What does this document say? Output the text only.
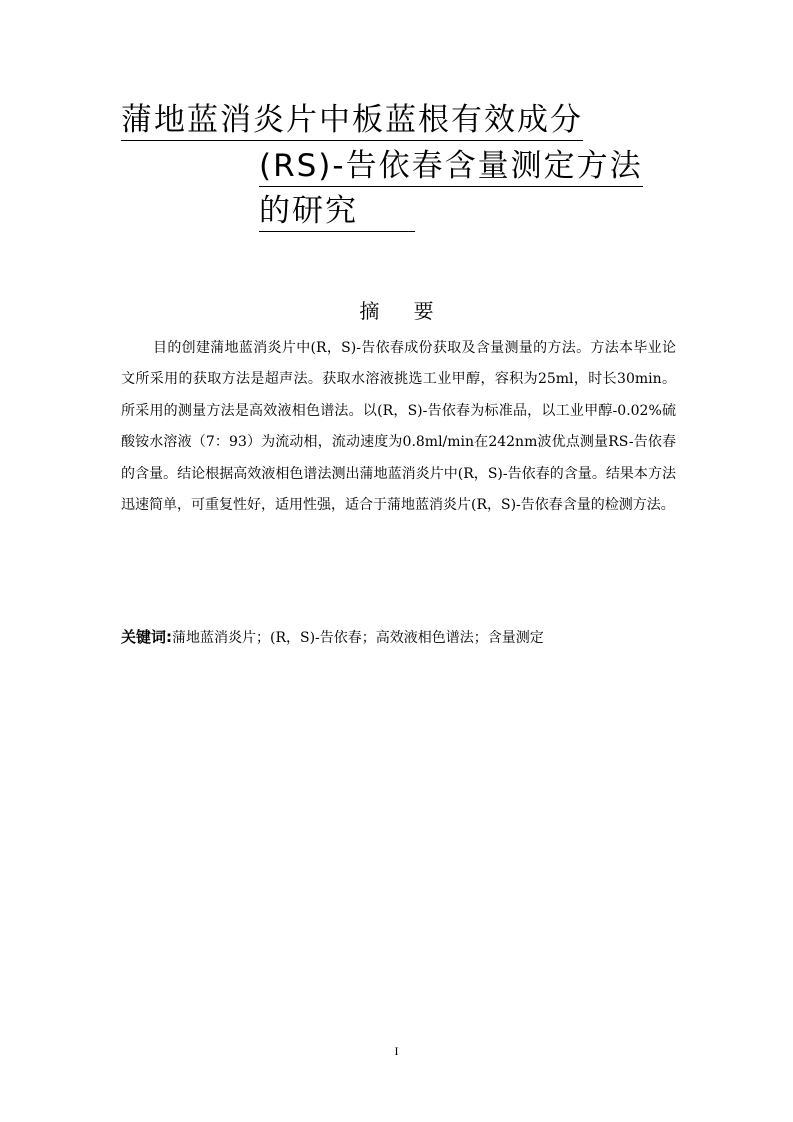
蒲地蓝消炎片中板蓝根有效成分
(RS)-告依春含量测定方法
的研究
摘 要

目的创建蒲地蓝消炎片中(R，S)-告依春成份获取及含量测量的方法。方法本毕业论文所采用的获取方法是超声法。获取水溶液挑选工业甲醇，容积为25ml，时长30min。所采用的测量方法是高效液相色谱法。以(R，S)-告依春为标准品，以工业甲醇-0.02%硫酸铵水溶液（7：93）为流动相，流动速度为0.8ml/min在242nm波优点测量RS-告依春的含量。结论根据高效液相色谱法测出蒲地蓝消炎片中(R，S)-告依春的含量。结果本方法迅速简单，可重复性好，适用性强，适合于蒲地蓝消炎片(R，S)-告依春含量的检测方法。

关键词:蒲地蓝消炎片；(R，S)-告依春；高效液相色谱法；含量测定
I
